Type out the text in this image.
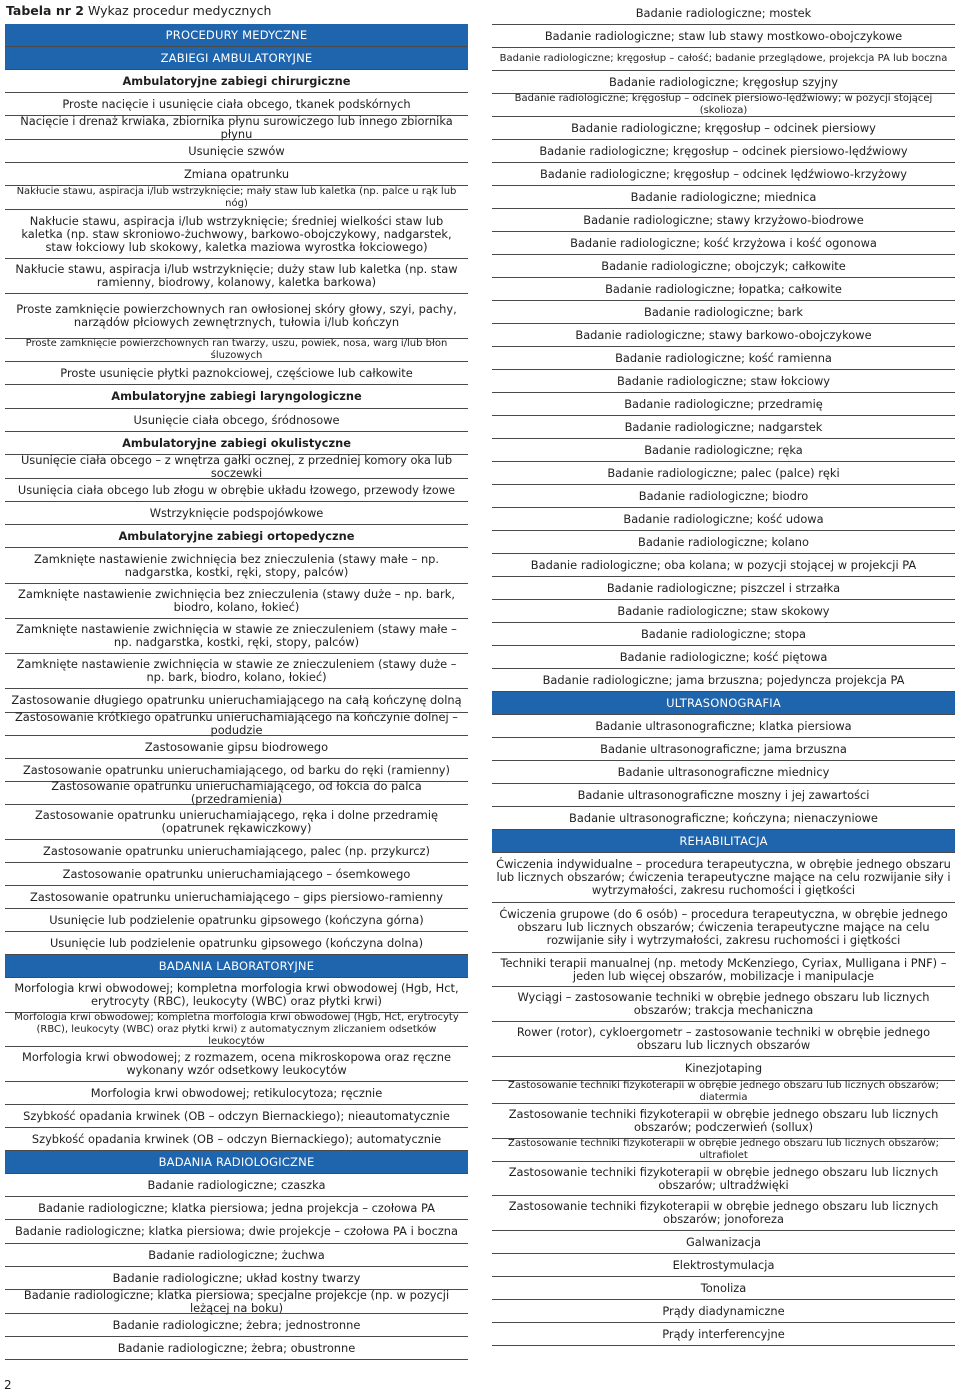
Tabela nr 2 Wykaz procedur medycznych
PROCEDURY MEDYCZNE
ZABIEGI AMBULATORYJNE
Ambulatoryjne zabiegi chirurgiczne
Proste nacięcie i usunięcie ciała obcego, tkanek podskórnych
Nacięcie i drenaż krwiaka, zbiornika płynu surowiczego lub innego zbiornika płynu
Usunięcie szwów
Zmiana opatrunku
Nakłucie stawu, aspiracja i/lub wstrzyknięcie; mały staw lub kaletka (np. palce u rąk lub nóg)
Nakłucie stawu, aspiracja i/lub wstrzyknięcie; średniej wielkości staw lub kaletka (np. staw skroniowo-żuchwowy, barkowo-obojczykowy, nadgarstek, staw łokciowy lub skokowy, kaletka maziowa wyrostka łokciowego)
Nakłucie stawu, aspiracja i/lub wstrzyknięcie; duży staw lub kaletka (np. staw ramienny, biodrowy, kolanowy, kaletka barkowa)
Proste zamknięcie powierzchownych ran owłosionej skóry głowy, szyi, pachy, narządów płciowych zewnętrznych, tułowia i/lub kończyn
Proste zamknięcie powierzchownych ran twarzy, uszu, powiek, nosa, warg i/lub błon śluzowych
Proste usunięcie płytki paznokciowej, częściowe lub całkowite
Ambulatoryjne zabiegi laryngologiczne
Usunięcie ciała obcego, śródnosowe
Ambulatoryjne zabiegi okulistyczne
Usunięcie ciała obcego – z wnętrza gałki ocznej, z przedniej komory oka lub soczewki
Usunięcia ciała obcego lub złogu w obrębie układu łzowego, przewody łzowe
Wstrzyknięcie podspojówkowe
Ambulatoryjne zabiegi ortopedyczne
Zamknięte nastawienie zwichnięcia bez znieczulenia (stawy małe – np. nadgarstka, kostki, ręki, stopy, palców)
Zamknięte nastawienie zwichnięcia bez znieczulenia (stawy duże – np. bark, biodro, kolano, łokieć)
Zamknięte nastawienie zwichnięcia w stawie ze znieczuleniem (stawy małe – np. nadgarstka, kostki, ręki, stopy, palców)
Zamknięte nastawienie zwichnięcia w stawie ze znieczuleniem (stawy duże – np. bark, biodro, kolano, łokieć)
Zastosowanie długiego opatrunku unieruchamiającego na całą kończynę dolną
Zastosowanie krótkiego opatrunku unieruchamiającego na kończynie dolnej – podudzie
Zastosowanie gipsu biodrowego
Zastosowanie opatrunku unieruchamiającego, od barku do ręki (ramienny)
Zastosowanie opatrunku unieruchamiającego, od łokcia do palca (przedramienia)
Zastosowanie opatrunku unieruchamiającego, ręka i dolne przedramię (opatrunek rękawiczkowy)
Zastosowanie opatrunku unieruchamiającego, palec (np. przykurcz)
Zastosowanie opatrunku unieruchamiającego – ósemkowego
Zastosowanie opatrunku unieruchamiającego – gips piersiowo-ramienny
Usunięcie lub podzielenie opatrunku gipsowego (kończyna górna)
Usunięcie lub podzielenie opatrunku gipsowego (kończyna dolna)
BADANIA LABORATORYJNE
Morfologia krwi obwodowej; kompletna morfologia krwi obwodowej (Hgb, Hct, erytrocyty (RBC), leukocyty (WBC) oraz płytki krwi)
Morfologia krwi obwodowej; kompletna morfologia krwi obwodowej (Hgb, Hct, erytrocyty (RBC), leukocyty (WBC) oraz płytki krwi) z automatycznym zliczaniem odsetków leukocytów
Morfologia krwi obwodowej; z rozmazem, ocena mikroskopowa oraz ręczne wykonany wzór odsetkowy leukocytów
Morfologia krwi obwodowej; retikulocytoza; ręcznie
Szybkość opadania krwinek (OB – odczyn Biernackiego); nieautomatycznie
Szybkość opadania krwinek (OB – odczyn Biernackiego); automatycznie
BADANIA RADIOLOGICZNE
Badanie radiologiczne; czaszka
Badanie radiologiczne; klatka piersiowa; jedna projekcja – czołowa PA
Badanie radiologiczne; klatka piersiowa; dwie projekcje – czołowa PA i boczna
Badanie radiologiczne; żuchwa
Badanie radiologiczne; układ kostny twarzy
Badanie radiologiczne; klatka piersiowa; specjalne projekcje (np. w pozycji leżącej na boku)
Badanie radiologiczne; żebra; jednostronne
Badanie radiologiczne; żebra; obustronne
Badanie radiologiczne; mostek
Badanie radiologiczne; staw lub stawy mostkowo-obojczykowe
Badanie radiologiczne; kręgosłup – całość; badanie przeglądowe, projekcja PA lub boczna
Badanie radiologiczne; kręgosłup szyjny
Badanie radiologiczne; kręgosłup – odcinek piersiowo-lędźwiowy; w pozycji stojącej (skolioza)
Badanie radiologiczne; kręgosłup – odcinek piersiowy
Badanie radiologiczne; kręgosłup – odcinek piersiowo-lędźwiowy
Badanie radiologiczne; kręgosłup – odcinek lędźwiowo-krzyżowy
Badanie radiologiczne; miednica
Badanie radiologiczne; stawy krzyżowo-biodrowe
Badanie radiologiczne; kość krzyżowa i kość ogonowa
Badanie radiologiczne; obojczyk; całkowite
Badanie radiologiczne; łopatka; całkowite
Badanie radiologiczne; bark
Badanie radiologiczne; stawy barkowo-obojczykowe
Badanie radiologiczne; kość ramienna
Badanie radiologiczne; staw łokciowy
Badanie radiologiczne; przedramię
Badanie radiologiczne; nadgarstek
Badanie radiologiczne; ręka
Badanie radiologiczne; palec (palce) ręki
Badanie radiologiczne; biodro
Badanie radiologiczne; kość udowa
Badanie radiologiczne; kolano
Badanie radiologiczne; oba kolana; w pozycji stojącej w projekcji PA
Badanie radiologiczne; piszczel i strzałka
Badanie radiologiczne; staw skokowy
Badanie radiologiczne; stopa
Badanie radiologiczne; kość piętowa
Badanie radiologiczne; jama brzuszna; pojedyncza projekcja PA
ULTRASONOGRAFIA
Badanie ultrasonograficzne; klatka piersiowa
Badanie ultrasonograficzne; jama brzuszna
Badanie ultrasonograficzne miednicy
Badanie ultrasonograficzne moszny i jej zawartości
Badanie ultrasonograficzne; kończyna; nienaczyniowe
REHABILITACJA
Ćwiczenia indywidualne – procedura terapeutyczna, w obrębie jednego obszaru lub licznych obszarów; ćwiczenia terapeutyczne mające na celu rozwijanie siły i wytrzymałości, zakresu ruchomości i giętkości
Ćwiczenia grupowe (do 6 osób) – procedura terapeutyczna, w obrębie jednego obszaru lub licznych obszarów; ćwiczenia terapeutyczne mające na celu rozwijanie siły i wytrzymałości, zakresu ruchomości i giętkości
Techniki terapii manualnej (np. metody McKenziego, Cyriax, Mulligana i PNF) – jeden lub więcej obszarów, mobilizacje i manipulacje
Wyciągi – zastosowanie techniki w obrębie jednego obszaru lub licznych obszarów; trakcja mechaniczna
Rower (rotor), cykloergometr – zastosowanie techniki w obrębie jednego obszaru lub licznych obszarów
Kinezjotaping
Zastosowanie techniki fizykoterapii w obrębie jednego obszaru lub licznych obszarów; diatermia
Zastosowanie techniki fizykoterapii w obrębie jednego obszaru lub licznych obszarów; podczerwień (sollux)
Zastosowanie techniki fizykoterapii w obrębie jednego obszaru lub licznych obszarów; ultrafiolet
Zastosowanie techniki fizykoterapii w obrębie jednego obszaru lub licznych obszarów; ultradźwięki
Zastosowanie techniki fizykoterapii w obrębie jednego obszaru lub licznych obszarów; jonoforeza
Galwanizacja
Elektrostymulacja
Tonoliza
Prądy diadynamiczne
Prądy interferencyjne
2
